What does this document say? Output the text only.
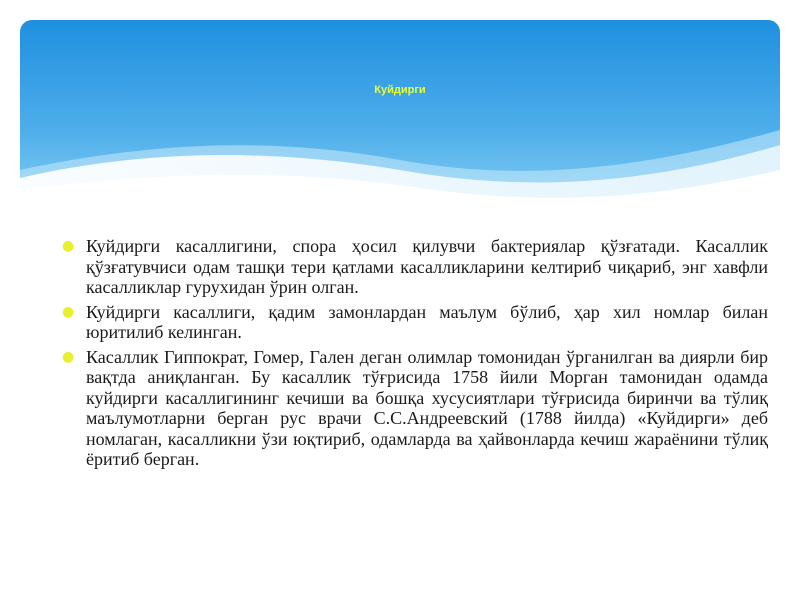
Куйдирги
● Куйдирги касаллигини, спора ҳосил қилувчи бактериялар қўзғатади. Касаллик қўзғатувчиси одам ташқи тери қатлами касалликларини келтириб чиқариб, энг хавфли касалликлар гурухидан ўрин олган.
● Куйдирги касаллиги, қадим замонлардан маълум бўлиб, ҳар хил номлар билан юритилиб келинган.
● Касаллик Гиппократ, Гомер, Гален деган олимлар томонидан ўрганилган ва диярли бир вақтда аниқланган. Бу касаллик тўғрисида 1758 йили Морган тамонидан одамда куйдирги касаллигининг кечиши ва бошқа хусусиятлари тўғрисида биринчи ва тўлиқ маълумотларни берган рус врачи С.С.Андреевский (1788 йилда) «Куйдирги» деб номлаган, касалликни ўзи юқтириб, одамларда ва ҳайвонларда кечиш жараёнини тўлиқ ёритиб берган.
